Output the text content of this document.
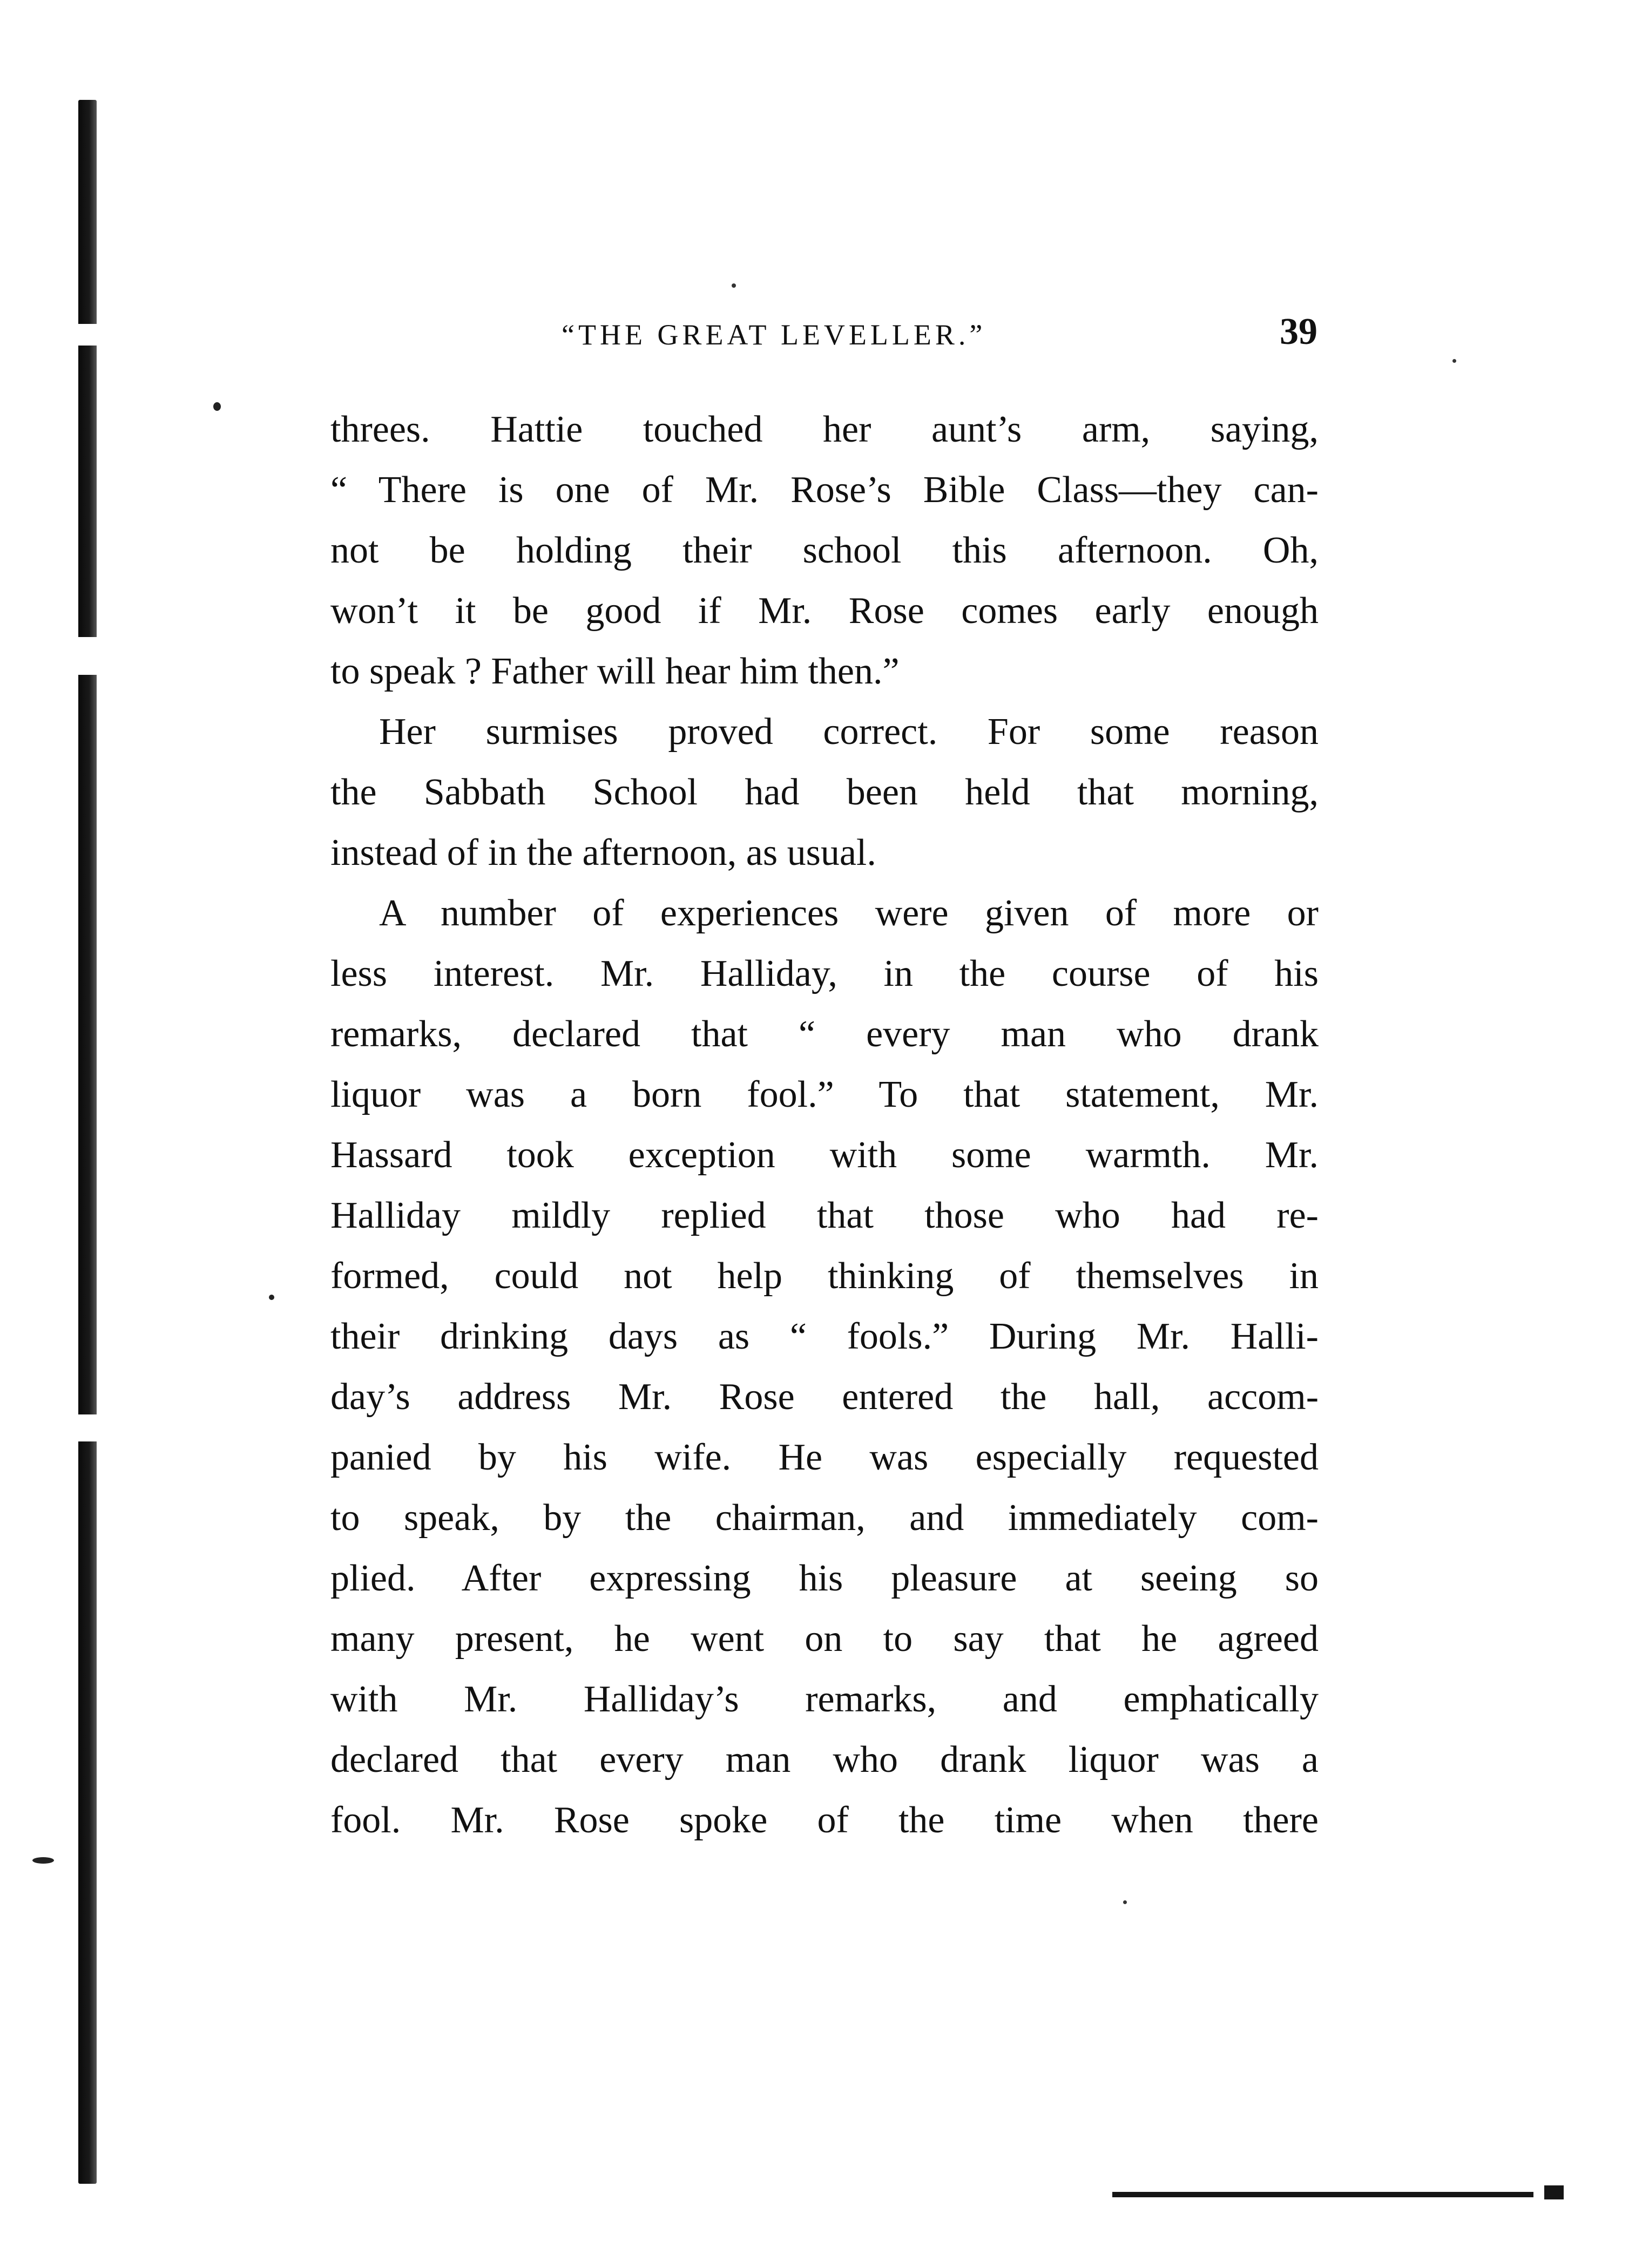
“THE GREAT LEVELLER.”	39
threes. Hattie touched her aunt’s arm, saying,
“ There is one of Mr. Rose’s Bible Class—they can-
not be holding their school this afternoon. Oh,
won’t it be good if Mr. Rose comes early enough
to speak ? Father will hear him then.”
Her surmises proved correct. For some reason
the Sabbath School had been held that morning,
instead of in the afternoon, as usual.
A number of experiences were given of more or
less interest. Mr. Halliday, in the course of his
remarks, declared that “ every man who drank
liquor was a born fool.” To that statement, Mr.
Hassard took exception with some warmth. Mr.
Halliday mildly replied that those who had re-
formed, could not help thinking of themselves in
their drinking days as “ fools.” During Mr. Halli-
day’s address Mr. Rose entered the hall, accom-
panied by his wife. He was especially requested
to speak, by the chairman, and immediately com-
plied. After expressing his pleasure at seeing so
many present, he went on to say that he agreed
with Mr. Halliday’s remarks, and emphatically
declared that every man who drank liquor was a
fool. Mr. Rose spoke of the time when there
